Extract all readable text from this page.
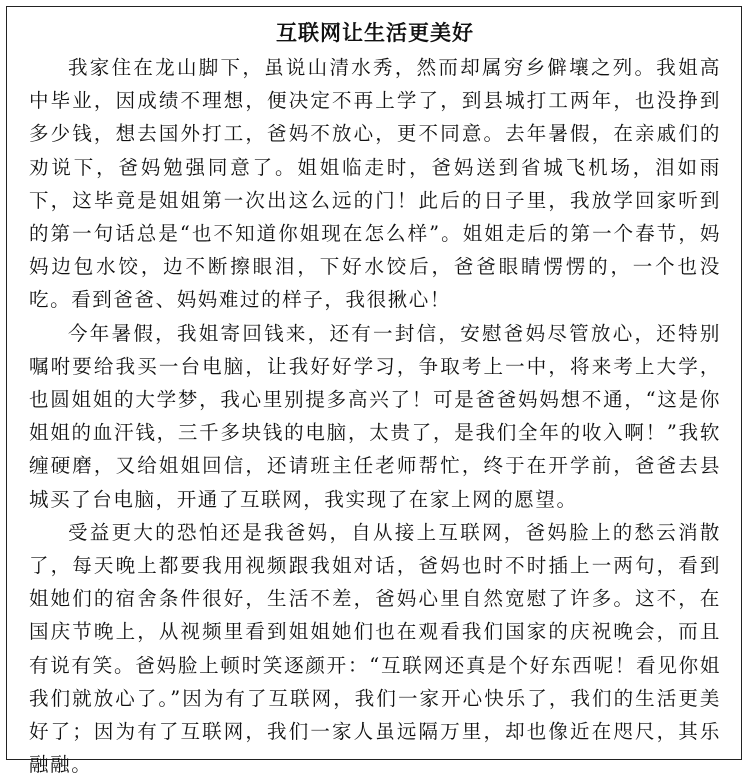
互联网让生活更美好

我家住在龙山脚下，虽说山清水秀，然而却属穷乡僻壤之列。我姐高中毕业，因成绩不理想，便决定不再上学了，到县城打工两年，也没挣到多少钱，想去国外打工，爸妈不放心，更不同意。去年暑假，在亲戚们的劝说下，爸妈勉强同意了。姐姐临走时，爸妈送到省城飞机场，泪如雨下，这毕竟是姐姐第一次出这么远的门！此后的日子里，我放学回家听到的第一句话总是“也不知道你姐现在怎么样”。姐姐走后的第一个春节，妈妈边包水饺，边不断擦眼泪，下好水饺后，爸爸眼睛愣愣的，一个也没吃。看到爸爸、妈妈难过的样子，我很揪心！

今年暑假，我姐寄回钱来，还有一封信，安慰爸妈尽管放心，还特别嘱咐要给我买一台电脑，让我好好学习，争取考上一中，将来考上大学，也圆姐姐的大学梦，我心里别提多高兴了！可是爸爸妈妈想不通，“这是你姐姐的血汗钱，三千多块钱的电脑，太贵了，是我们全年的收入啊！”我软缠硬磨，又给姐姐回信，还请班主任老师帮忙，终于在开学前，爸爸去县城买了台电脑，开通了互联网，我实现了在家上网的愿望。

受益更大的恐怕还是我爸妈，自从接上互联网，爸妈脸上的愁云消散了，每天晚上都要我用视频跟我姐对话，爸妈也时不时插上一两句，看到姐她们的宿舍条件很好，生活不差，爸妈心里自然宽慰了许多。这不，在国庆节晚上，从视频里看到姐姐她们也在观看我们国家的庆祝晚会，而且有说有笑。爸妈脸上顿时笑逐颜开：“互联网还真是个好东西呢！看见你姐我们就放心了。”因为有了互联网，我们一家开心快乐了，我们的生活更美好了；因为有了互联网，我们一家人虽远隔万里，却也像近在咫尺，其乐融融。
